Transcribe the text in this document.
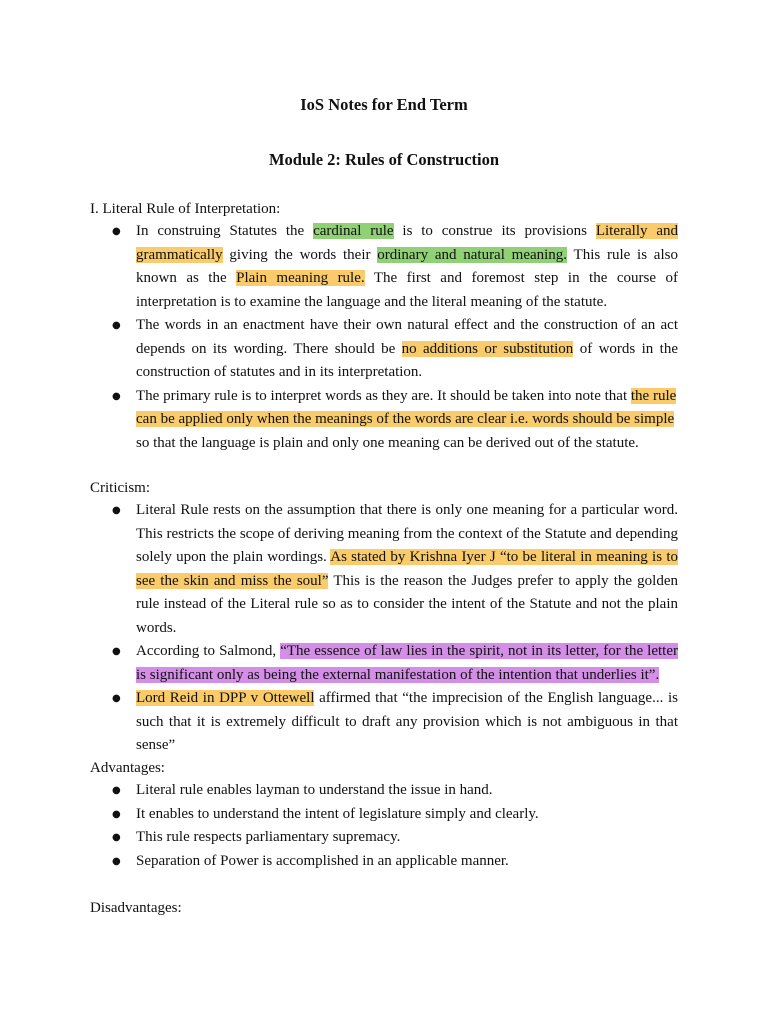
IoS Notes for End Term
Module 2: Rules of Construction
I. Literal Rule of Interpretation:
● In construing Statutes the cardinal rule is to construe its provisions Literally and grammatically giving the words their ordinary and natural meaning. This rule is also known as the Plain meaning rule. The first and foremost step in the course of interpretation is to examine the language and the literal meaning of the statute.
● The words in an enactment have their own natural effect and the construction of an act depends on its wording. There should be no additions or substitution of words in the construction of statutes and in its interpretation.
● The primary rule is to interpret words as they are. It should be taken into note that the rule can be applied only when the meanings of the words are clear i.e. words should be simple so that the language is plain and only one meaning can be derived out of the statute.
Criticism:
● Literal Rule rests on the assumption that there is only one meaning for a particular word. This restricts the scope of deriving meaning from the context of the Statute and depending solely upon the plain wordings. As stated by Krishna Iyer J “to be literal in meaning is to see the skin and miss the soul” This is the reason the Judges prefer to apply the golden rule instead of the Literal rule so as to consider the intent of the Statute and not the plain words.
● According to Salmond, “The essence of law lies in the spirit, not in its letter, for the letter is significant only as being the external manifestation of the intention that underlies it”.
● Lord Reid in DPP v Ottewell affirmed that “the imprecision of the English language... is such that it is extremely difficult to draft any provision which is not ambiguous in that sense”
Advantages:
● Literal rule enables layman to understand the issue in hand.
● It enables to understand the intent of legislature simply and clearly.
● This rule respects parliamentary supremacy.
● Separation of Power is accomplished in an applicable manner.
Disadvantages:
